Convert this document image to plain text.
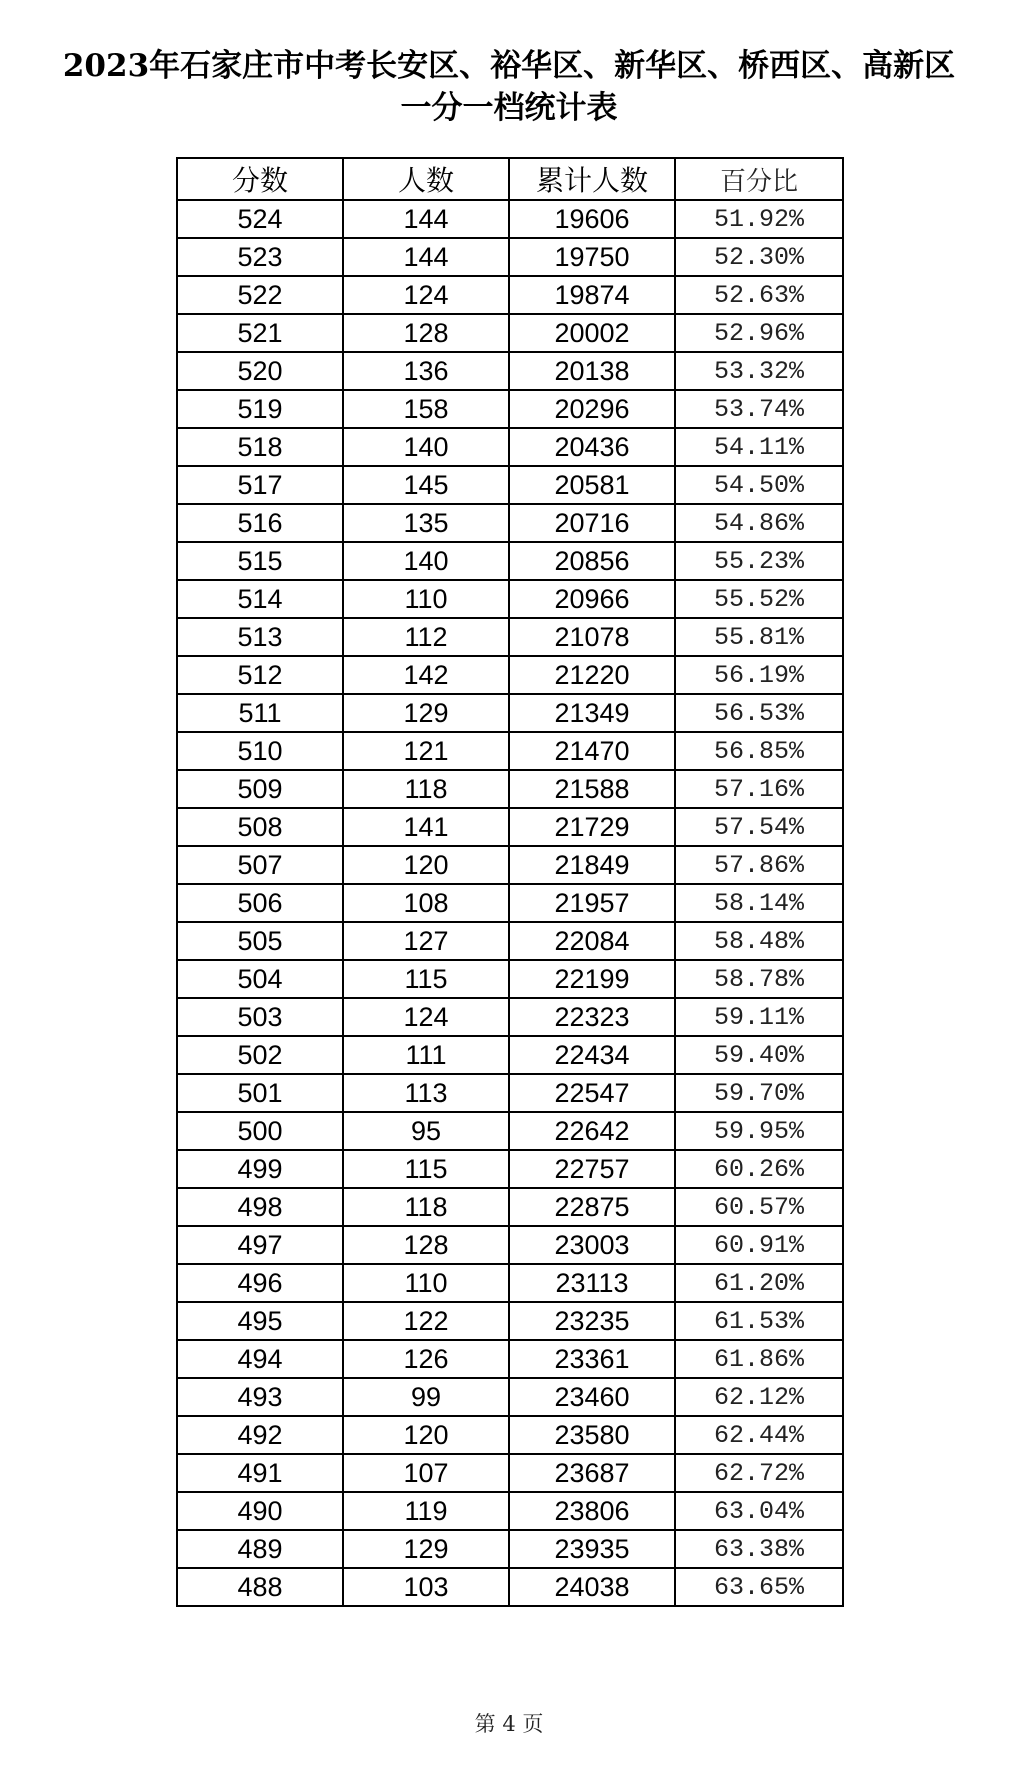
2023年石家庄市中考长安区、裕华区、新华区、桥西区、高新区
一分一档统计表
分数	人数	累计人数	百分比
524	144	19606	51.92%
523	144	19750	52.30%
522	124	19874	52.63%
521	128	20002	52.96%
520	136	20138	53.32%
519	158	20296	53.74%
518	140	20436	54.11%
517	145	20581	54.50%
516	135	20716	54.86%
515	140	20856	55.23%
514	110	20966	55.52%
513	112	21078	55.81%
512	142	21220	56.19%
511	129	21349	56.53%
510	121	21470	56.85%
509	118	21588	57.16%
508	141	21729	57.54%
507	120	21849	57.86%
506	108	21957	58.14%
505	127	22084	58.48%
504	115	22199	58.78%
503	124	22323	59.11%
502	111	22434	59.40%
501	113	22547	59.70%
500	95	22642	59.95%
499	115	22757	60.26%
498	118	22875	60.57%
497	128	23003	60.91%
496	110	23113	61.20%
495	122	23235	61.53%
494	126	23361	61.86%
493	99	23460	62.12%
492	120	23580	62.44%
491	107	23687	62.72%
490	119	23806	63.04%
489	129	23935	63.38%
488	103	24038	63.65%
第 4 页
